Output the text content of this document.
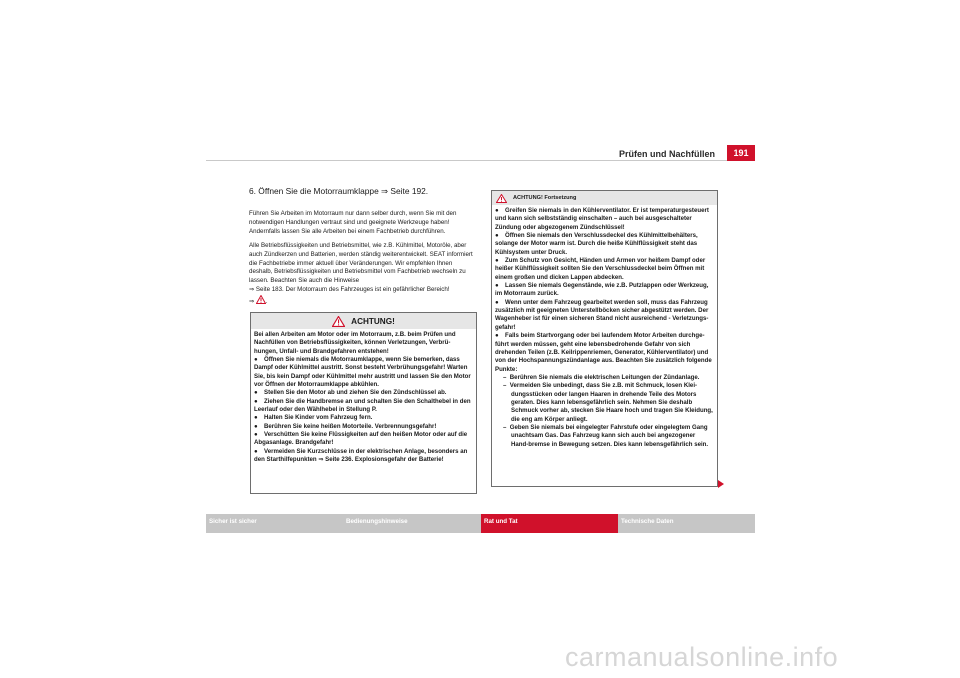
Prüfen und Nachfüllen	191
6. Öffnen Sie die Motorraumklappe ⇒ Seite 192.

Führen Sie Arbeiten im Motorraum nur dann selber durch, wenn Sie mit den notwendigen Handlungen vertraut sind und geeignete Werkzeuge haben! Andernfalls lassen Sie alle Arbeiten bei einem Fachbetrieb durchführen.

Alle Betriebsflüssigkeiten und Betriebsmittel, wie z.B. Kühlmittel, Motoröle, aber auch Zündkerzen und Batterien, werden ständig weiterentwickelt. SEAT informiert die Fachbetriebe immer aktuell über Veränderungen. Wir empfehlen Ihnen deshalb, Betriebsflüssigkeiten und Betriebsmittel vom Fachbetrieb wechseln zu lassen. Beachten Sie auch die Hinweise
⇒ Seite 183. Der Motorraum des Fahrzeuges ist ein gefährlicher Bereich!
⇒ .

ACHTUNG!

Bei allen Arbeiten am Motor oder im Motorraum, z.B. beim Prüfen und Nachfüllen von Betriebsflüssigkeiten, können Verletzungen, Verbrü-hungen, Unfall- und Brandgefahren entstehen!

● Öffnen Sie niemals die Motorraumklappe, wenn Sie bemerken, dass Dampf oder Kühlmittel austritt. Sonst besteht Verbrühungsgefahr! Warten Sie, bis kein Dampf oder Kühlmittel mehr austritt und lassen Sie den Motor vor Öffnen der Motorraumklappe abkühlen.

● Stellen Sie den Motor ab und ziehen Sie den Zündschlüssel ab.

● Ziehen Sie die Handbremse an und schalten Sie den Schalthebel in den Leerlauf oder den Wählhebel in Stellung P.

● Halten Sie Kinder vom Fahrzeug fern.

● Berühren Sie keine heißen Motorteile. Verbrennungsgefahr!

● Verschütten Sie keine Flüssigkeiten auf den heißen Motor oder auf die Abgasanlage. Brandgefahr!

● Vermeiden Sie Kurzschlüsse in der elektrischen Anlage, besonders an den Starthilfepunkten ⇒ Seite 236. Explosionsgefahr der Batterie!

ACHTUNG! Fortsetzung

● Greifen Sie niemals in den Kühlerventilator. Er ist temperaturgesteuert und kann sich selbstständig einschalten – auch bei ausgeschalteter Zündung oder abgezogenem Zündschlüssel!

● Öffnen Sie niemals den Verschlussdeckel des Kühlmittelbehälters, solange der Motor warm ist. Durch die heiße Kühlflüssigkeit steht das Kühlsystem unter Druck.

● Zum Schutz von Gesicht, Händen und Armen vor heißem Dampf oder heißer Kühlflüssigkeit sollten Sie den Verschlussdeckel beim Öffnen mit einem großen und dicken Lappen abdecken.

● Lassen Sie niemals Gegenstände, wie z.B. Putzlappen oder Werkzeug, im Motorraum zurück.

● Wenn unter dem Fahrzeug gearbeitet werden soll, muss das Fahrzeug zusätzlich mit geeigneten Unterstellböcken sicher abgestützt werden. Der Wagenheber ist für einen sicheren Stand nicht ausreichend - Verletzungs-gefahr!

● Falls beim Startvorgang oder bei laufendem Motor Arbeiten durchge-führt werden müssen, geht eine lebensbedrohende Gefahr von sich drehenden Teilen (z.B. Keilrippenriemen, Generator, Kühlerventilator) und von der Hochspannungszündanlage aus. Beachten Sie zusätzlich folgende Punkte:

–  Berühren Sie niemals die elektrischen Leitungen der Zündanlage.

–  Vermeiden Sie unbedingt, dass Sie z.B. mit Schmuck, losen Klei-dungsstücken oder langen Haaren in drehende Teile des Motors geraten. Dies kann lebensgefährlich sein. Nehmen Sie deshalb Schmuck vorher ab, stecken Sie Haare hoch und tragen Sie Kleidung, die eng am Körper anliegt.

–  Geben Sie niemals bei eingelegter Fahrstufe oder eingelegtem Gang unachtsam Gas. Das Fahrzeug kann sich auch bei angezogener Hand-bremse in Bewegung setzen. Dies kann lebensgefährlich sein.

Sicher ist sicher	Bedienungshinweise	Rat und Tat	Technische Daten
carmanualsonline.info
